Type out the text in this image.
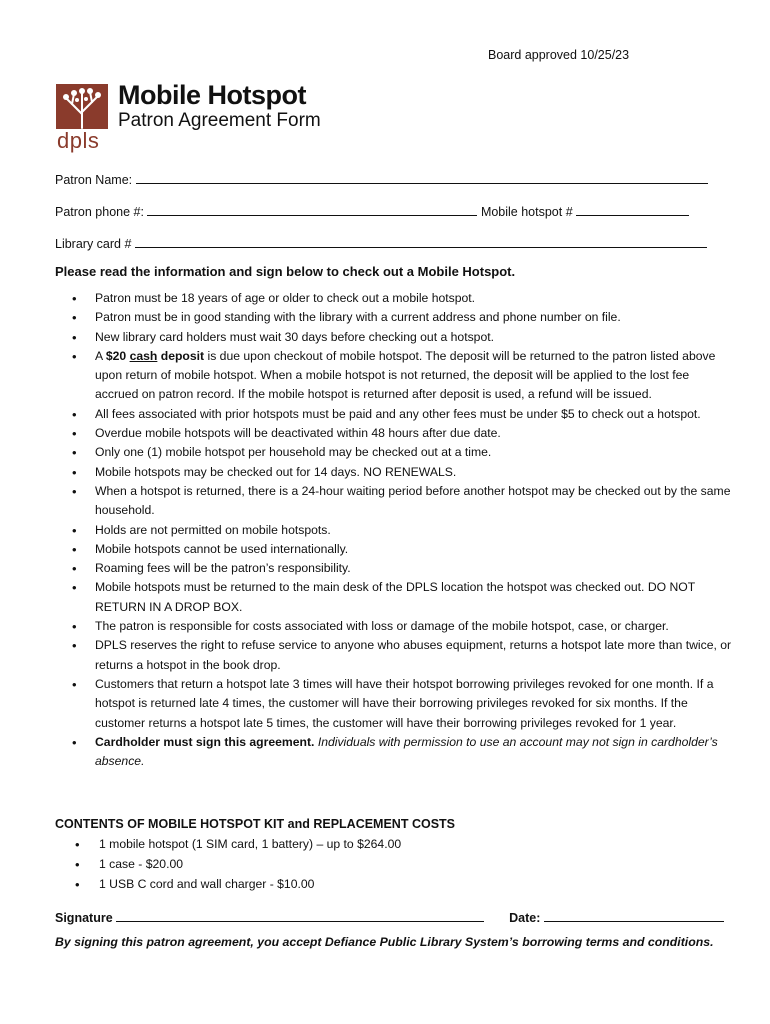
Board approved 10/25/23
dpls
Mobile Hotspot
Patron Agreement Form
Patron Name:
Patron phone #:	Mobile hotspot #
Library card #
Please read the information and sign below to check out a Mobile Hotspot.
• Patron must be 18 years of age or older to check out a mobile hotspot.
• Patron must be in good standing with the library with a current address and phone number on file.
• New library card holders must wait 30 days before checking out a hotspot.
• A $20 cash deposit is due upon checkout of mobile hotspot. The deposit will be returned to the patron listed above upon return of mobile hotspot. When a mobile hotspot is not returned, the deposit will be applied to the lost fee accrued on patron record. If the mobile hotspot is returned after deposit is used, a refund will be issued.
• All fees associated with prior hotspots must be paid and any other fees must be under $5 to check out a hotspot.
• Overdue mobile hotspots will be deactivated within 48 hours after due date.
• Only one (1) mobile hotspot per household may be checked out at a time.
• Mobile hotspots may be checked out for 14 days. NO RENEWALS.
• When a hotspot is returned, there is a 24-hour waiting period before another hotspot may be checked out by the same household.
• Holds are not permitted on mobile hotspots.
• Mobile hotspots cannot be used internationally.
• Roaming fees will be the patron’s responsibility.
• Mobile hotspots must be returned to the main desk of the DPLS location the hotspot was checked out. DO NOT RETURN IN A DROP BOX.
• The patron is responsible for costs associated with loss or damage of the mobile hotspot, case, or charger.
• DPLS reserves the right to refuse service to anyone who abuses equipment, returns a hotspot late more than twice, or returns a hotspot in the book drop.
• Customers that return a hotspot late 3 times will have their hotspot borrowing privileges revoked for one month. If a hotspot is returned late 4 times, the customer will have their borrowing privileges revoked for six months. If the customer returns a hotspot late 5 times, the customer will have their borrowing privileges revoked for 1 year.
• Cardholder must sign this agreement. Individuals with permission to use an account may not sign in cardholder’s absence.
CONTENTS OF MOBILE HOTSPOT KIT and REPLACEMENT COSTS
• 1 mobile hotspot (1 SIM card, 1 battery) – up to $264.00
• 1 case - $20.00
• 1 USB C cord and wall charger - $10.00
Signature	Date:
By signing this patron agreement, you accept Defiance Public Library System’s borrowing terms and conditions.
